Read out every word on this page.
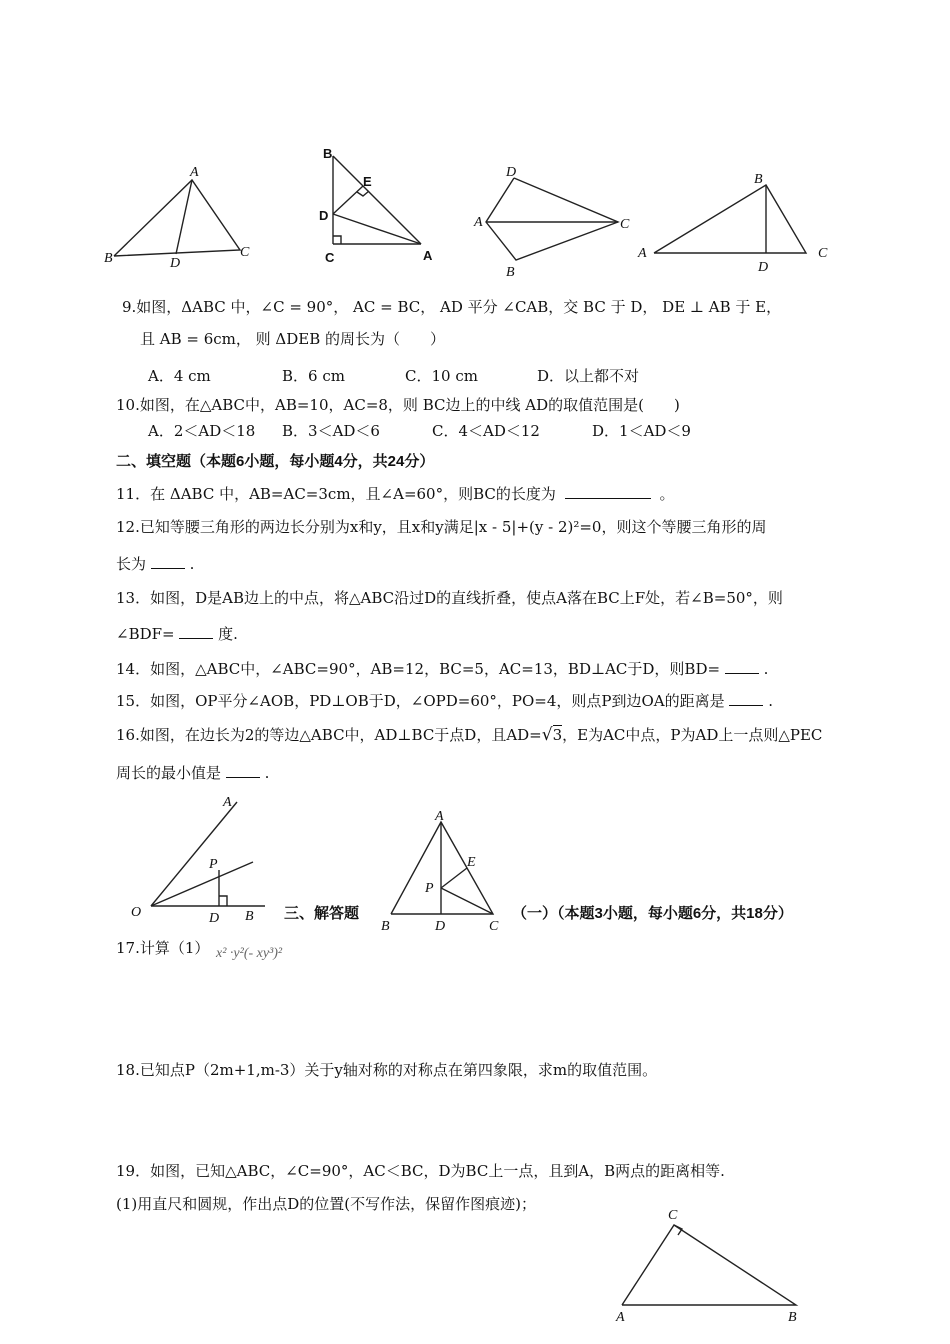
A
B	C
D
B
E
D
C	A
D
A	C
B
B
A
D
C
9.如图，ΔABC 中，∠C = 90°， AC = BC， AD 平分 ∠CAB，交 BC 于 D， DE ⊥ AB 于 E，
且 AB = 6cm， 则 ΔDEB 的周长为（　　）
A．4 cm	B．6 cm	C．10 cm	D．以上都不对
10.如图，在△ABC中，AB=10，AC=8，则 BC边上的中线 AD的取值范围是(　　)
A．2＜AD＜18 B．3＜AD＜6	C．4＜AD＜12	D．1＜AD＜9
二、填空题（本题6小题，每小题4分，共24分）
11．在 ΔABC 中，AB=AC=3cm，且∠A=60°，则BC的长度为	。
12.已知等腰三角形的两边长分别为x和y，且x和y满足|x - 5|+(y - 2)²=0，则这个等腰三角形的周
长为	.
13．如图，D是AB边上的中点，将△ABC沿过D的直线折叠，使点A落在BC上F处，若∠B=50°，则
∠BDF=	度.
14．如图，△ABC中，∠ABC=90°，AB=12，BC=5，AC=13，BD⊥AC于D，则BD=	.
15．如图，OP平分∠AOB，PD⊥OB于D，∠OPD=60°，PO=4，则点P到边OA的距离是	.
16.如图，在边长为2的等边△ABC中，AD⊥BC于点D，且AD=√3，E为AC中点，P为AD上一点则△PEC
周长的最小值是	.
A
P
O	D B 三、解答题
A
E
P
B	D	C
（一）（本题3小题，每小题6分，共18分）
17.计算（1） x² ·y²(- xy³)²
18.已知点P（2m+1,m-3）关于y轴对称的对称点在第四象限，求m的取值范围。
19．如图，已知△ABC，∠C=90°，AC＜BC，D为BC上一点，且到A，B两点的距离相等.
(1)用直尺和圆规，作出点D的位置(不写作法，保留作图痕迹)；
C
A	B
